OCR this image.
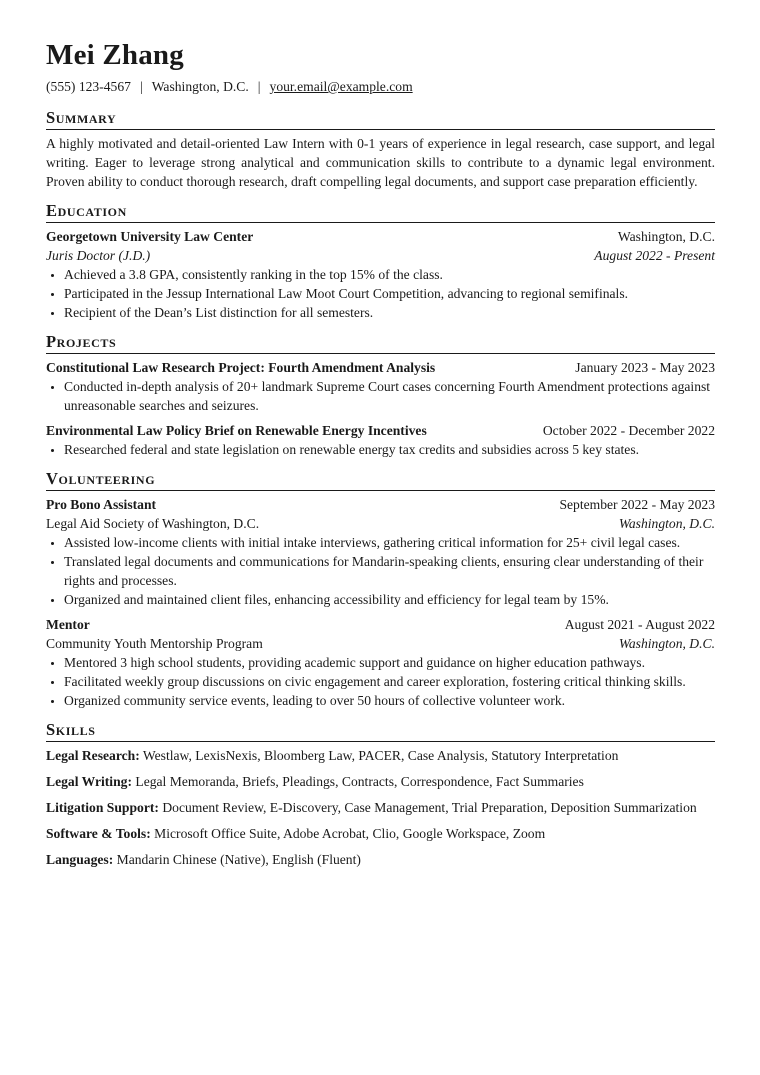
Mei Zhang
(555) 123-4567 | Washington, D.C. | your.email@example.com
Summary
A highly motivated and detail-oriented Law Intern with 0-1 years of experience in legal research, case support, and legal writing. Eager to leverage strong analytical and communication skills to contribute to a dynamic legal environment. Proven ability to conduct thorough research, draft compelling legal documents, and support case preparation efficiently.
Education
Georgetown University Law Center	Washington, D.C.
Juris Doctor (J.D.)	August 2022 - Present
• Achieved a 3.8 GPA, consistently ranking in the top 15% of the class.
• Participated in the Jessup International Law Moot Court Competition, advancing to regional semifinals.
• Recipient of the Dean’s List distinction for all semesters.
Projects
Constitutional Law Research Project: Fourth Amendment Analysis	January 2023 - May 2023
• Conducted in-depth analysis of 20+ landmark Supreme Court cases concerning Fourth Amendment protections against unreasonable searches and seizures.
Environmental Law Policy Brief on Renewable Energy Incentives	October 2022 - December 2022
• Researched federal and state legislation on renewable energy tax credits and subsidies across 5 key states.
Volunteering
Pro Bono Assistant	September 2022 - May 2023
Legal Aid Society of Washington, D.C.	Washington, D.C.
• Assisted low-income clients with initial intake interviews, gathering critical information for 25+ civil legal cases.
• Translated legal documents and communications for Mandarin-speaking clients, ensuring clear understanding of their rights and processes.
• Organized and maintained client files, enhancing accessibility and efficiency for legal team by 15%.
Mentor	August 2021 - August 2022
Community Youth Mentorship Program	Washington, D.C.
• Mentored 3 high school students, providing academic support and guidance on higher education pathways.
• Facilitated weekly group discussions on civic engagement and career exploration, fostering critical thinking skills.
• Organized community service events, leading to over 50 hours of collective volunteer work.
Skills
Legal Research: Westlaw, LexisNexis, Bloomberg Law, PACER, Case Analysis, Statutory Interpretation
Legal Writing: Legal Memoranda, Briefs, Pleadings, Contracts, Correspondence, Fact Summaries
Litigation Support: Document Review, E-Discovery, Case Management, Trial Preparation, Deposition Summarization
Software & Tools: Microsoft Office Suite, Adobe Acrobat, Clio, Google Workspace, Zoom
Languages: Mandarin Chinese (Native), English (Fluent)
